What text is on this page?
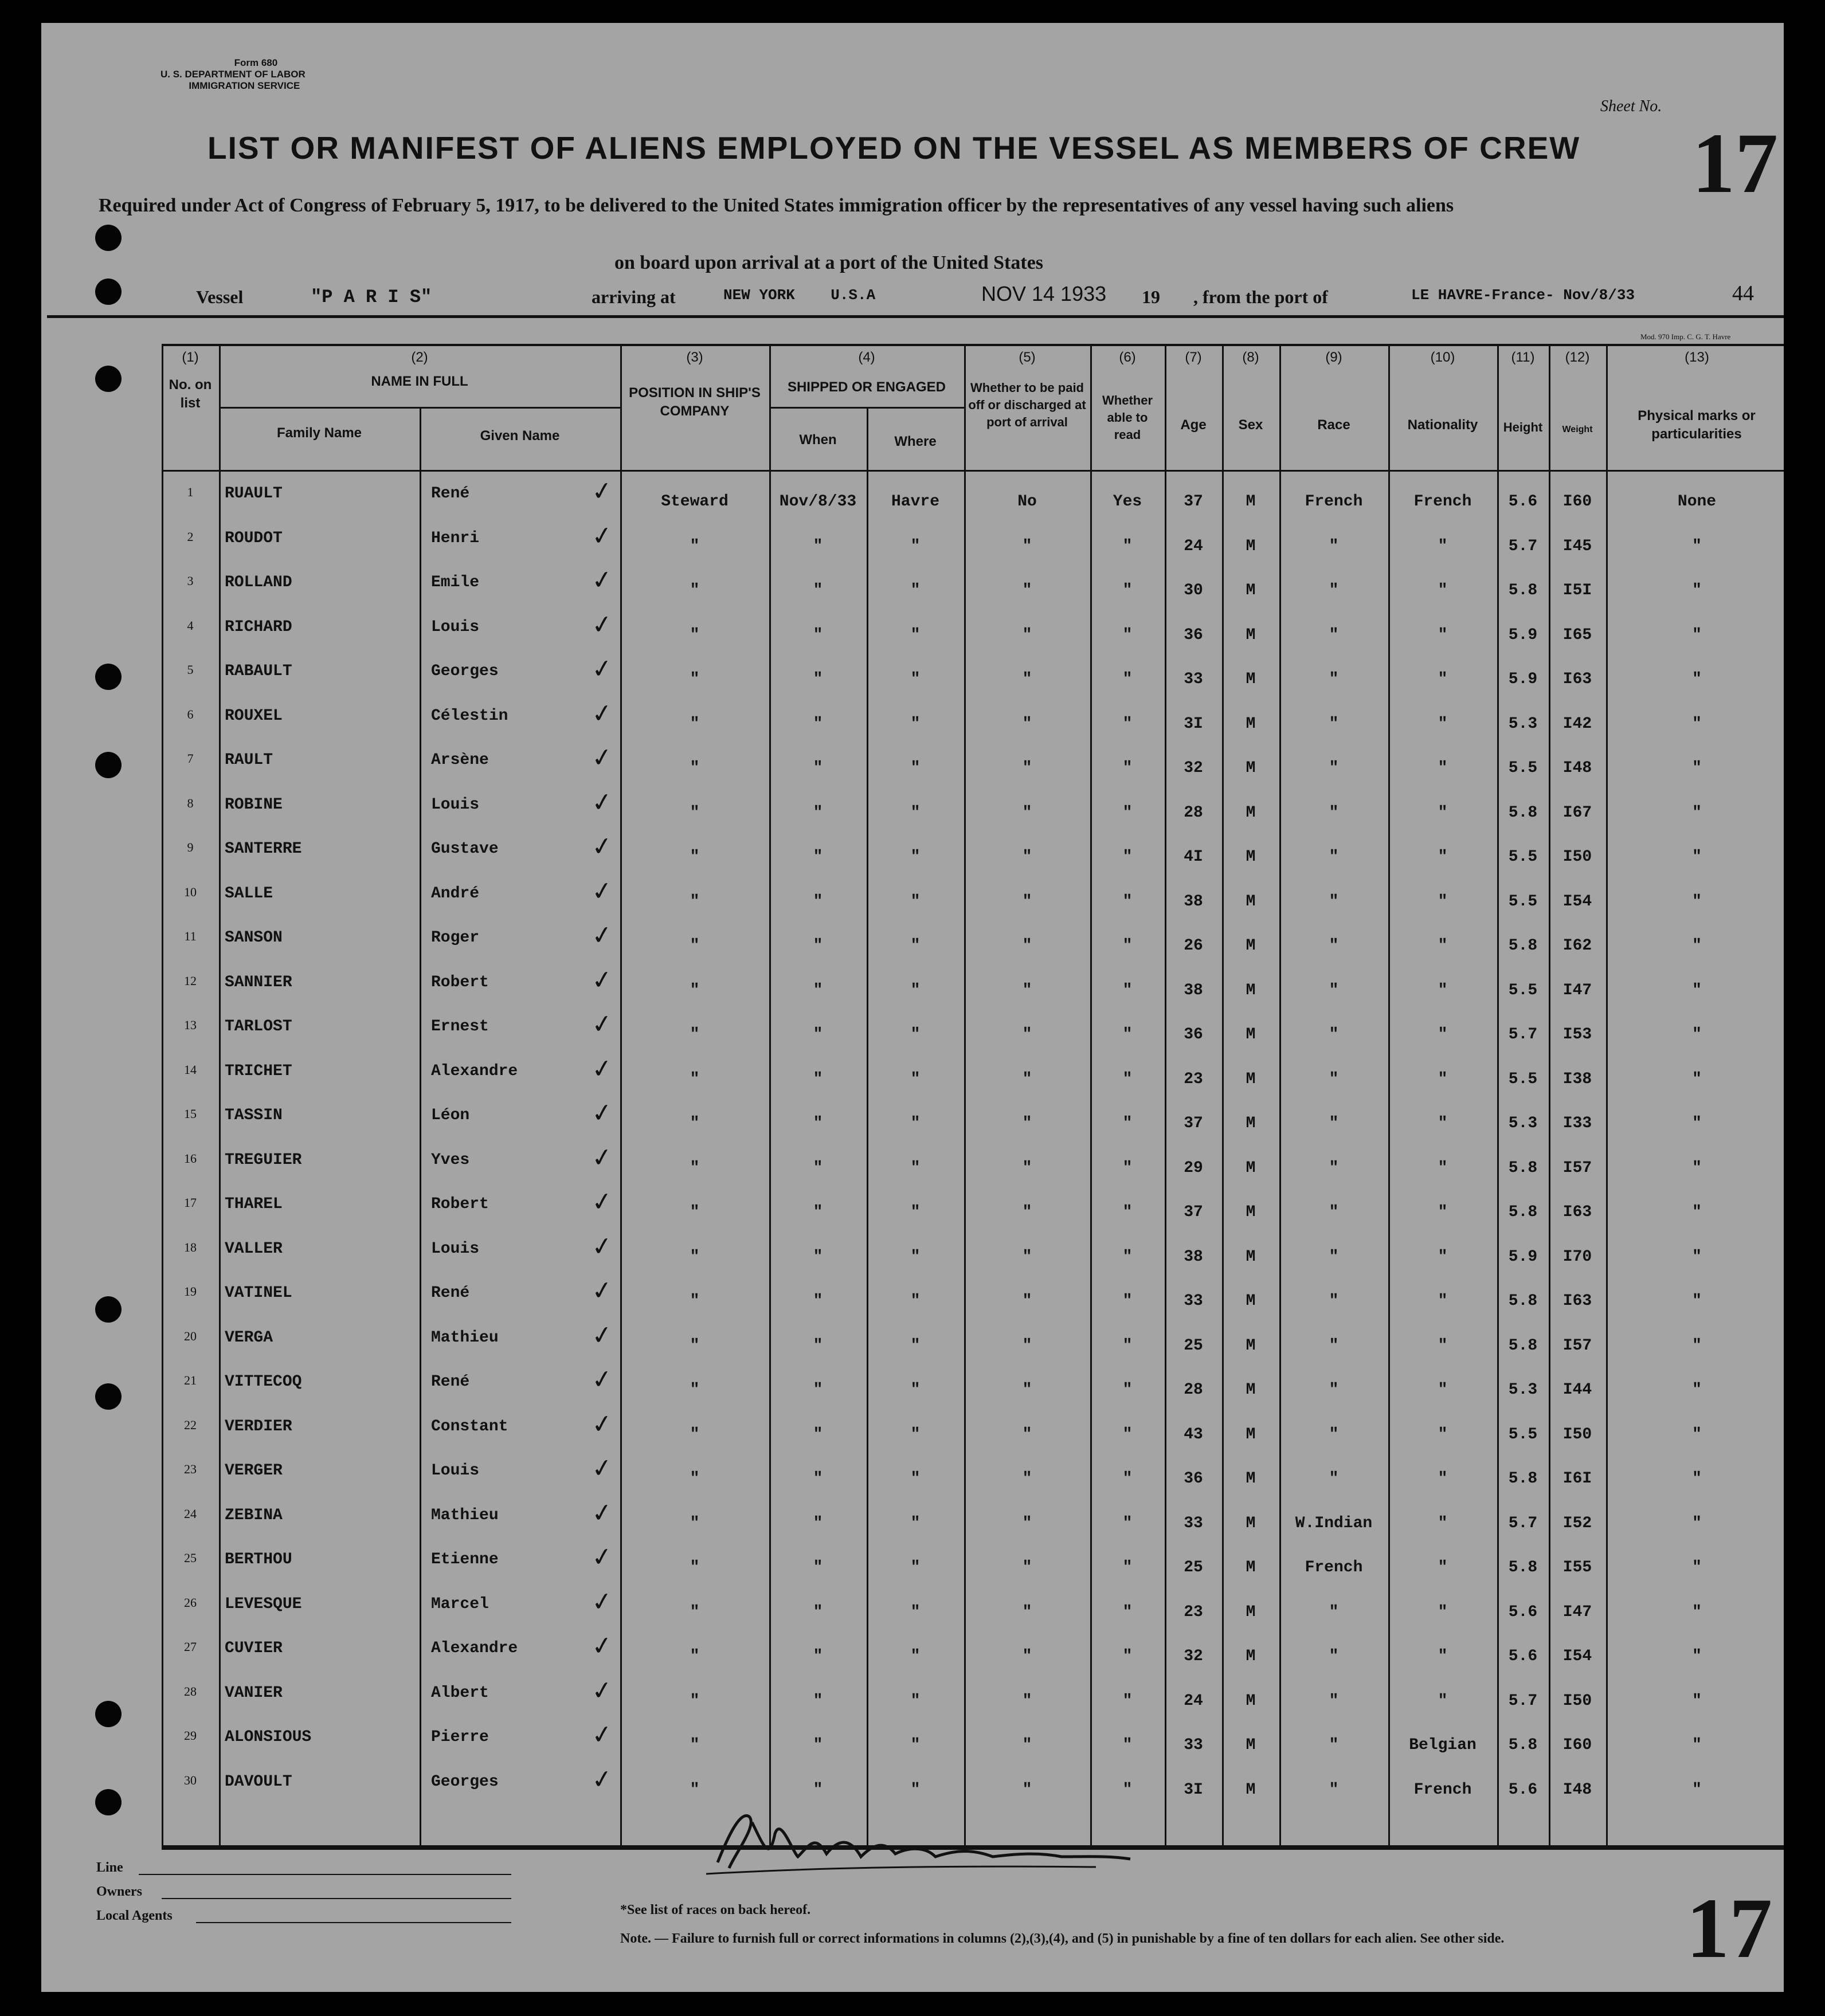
Form 680
U. S. DEPARTMENT OF LABOR
IMMIGRATION SERVICE
Sheet No.
17
LIST OR MANIFEST OF ALIENS EMPLOYED ON THE VESSEL AS MEMBERS OF CREW
Required under Act of Congress of February 5, 1917, to be delivered to the United States immigration officer by the representatives of any vessel having such aliens
on board upon arrival at a port of the United States
Vessel	"P A R I S"	arriving at	NEW YORK    U.S.A	NOV 14 1933 19 , from the port of	LE HAVRE-France- Nov/8/33	44
Mod. 970 Imp. C. G. T. Havre
(1)	(2)	(3)	(4)	(5)	(6)	(7)	(8)	(9)	(10)	(11)	(12)	(13)
No. on list
NAME IN FULL
Family Name	Given Name
POSITION IN SHIP'S COMPANY
SHIPPED OR ENGAGED
When	Where
Whether to be paid off or discharged at port of arrival
Whether able to read
Age	Sex	Race	Nationality	Height	Weight
Physical marks or particularities
1	RUAULT	René	Steward	Nov/8/33	Havre	No	Yes	37	M	French	French	5.6	I60	None
✓
2	ROUDOT	Henri	"	"	"	"	"	24	M	"	"	5.7	I45	"
✓
3	ROLLAND	Emile	"	"	"	"	"	30	M	"	"	5.8	I5I	"
✓
4	RICHARD	Louis	"	"	"	"	"	36	M	"	"	5.9	I65	"
✓
5	RABAULT	Georges	"	"	"	"	"	33	M	"	"	5.9	I63	"
✓
6	ROUXEL	Célestin	"	"	"	"	"	3I	M	"	"	5.3	I42	"
✓
7	RAULT	Arsène	"	"	"	"	"	32	M	"	"	5.5	I48	"
✓
8	ROBINE	Louis	"	"	"	"	"	28	M	"	"	5.8	I67	"
✓
9	SANTERRE	Gustave	"	"	"	"	"	4I	M	"	"	5.5	I50	"
✓
10	SALLE	André	"	"	"	"	"	38	M	"	"	5.5	I54	"
✓
11	SANSON	Roger	"	"	"	"	"	26	M	"	"	5.8	I62	"
✓
12	SANNIER	Robert	"	"	"	"	"	38	M	"	"	5.5	I47	"
✓
13	TARLOST	Ernest	"	"	"	"	"	36	M	"	"	5.7	I53	"
✓
14	TRICHET	Alexandre	"	"	"	"	"	23	M	"	"	5.5	I38	"
✓
15	TASSIN	Léon	"	"	"	"	"	37	M	"	"	5.3	I33	"
✓
16	TREGUIER	Yves	"	"	"	"	"	29	M	"	"	5.8	I57	"
✓
17	THAREL	Robert	"	"	"	"	"	37	M	"	"	5.8	I63	"
✓
18	VALLER	Louis	"	"	"	"	"	38	M	"	"	5.9	I70	"
✓
19	VATINEL	René	"	"	"	"	"	33	M	"	"	5.8	I63	"
✓
20	VERGA	Mathieu	"	"	"	"	"	25	M	"	"	5.8	I57	"
✓
21	VITTECOQ	René	"	"	"	"	"	28	M	"	"	5.3	I44	"
✓
22	VERDIER	Constant	"	"	"	"	"	43	M	"	"	5.5	I50	"
✓
23	VERGER	Louis	"	"	"	"	"	36	M	"	"	5.8	I6I	"
✓
24	ZEBINA	Mathieu	"	"	"	"	"	33	M	W.Indian	"	5.7	I52	"
✓
25	BERTHOU	Etienne	"	"	"	"	"	25	M	French	"	5.8	I55	"
✓
26	LEVESQUE	Marcel	"	"	"	"	"	23	M	"	"	5.6	I47	"
✓
27	CUVIER	Alexandre	"	"	"	"	"	32	M	"	"	5.6	I54	"
✓
28	VANIER	Albert	"	"	"	"	"	24	M	"	"	5.7	I50	"
✓
29	ALONSIOUS	Pierre	"	"	"	"	"	33	M	"	Belgian	5.8	I60	"
✓
30	DAVOULT	Georges	"	"	"	"	"	3I	M	"	French	5.6	I48	"
✓
Line
Owners
Local Agents	*See list of races on back hereof.
Note. — Failure to furnish full or correct informations in columns (2),(3),(4), and (5) in punishable by a fine of ten dollars for each alien. See other side. 17
